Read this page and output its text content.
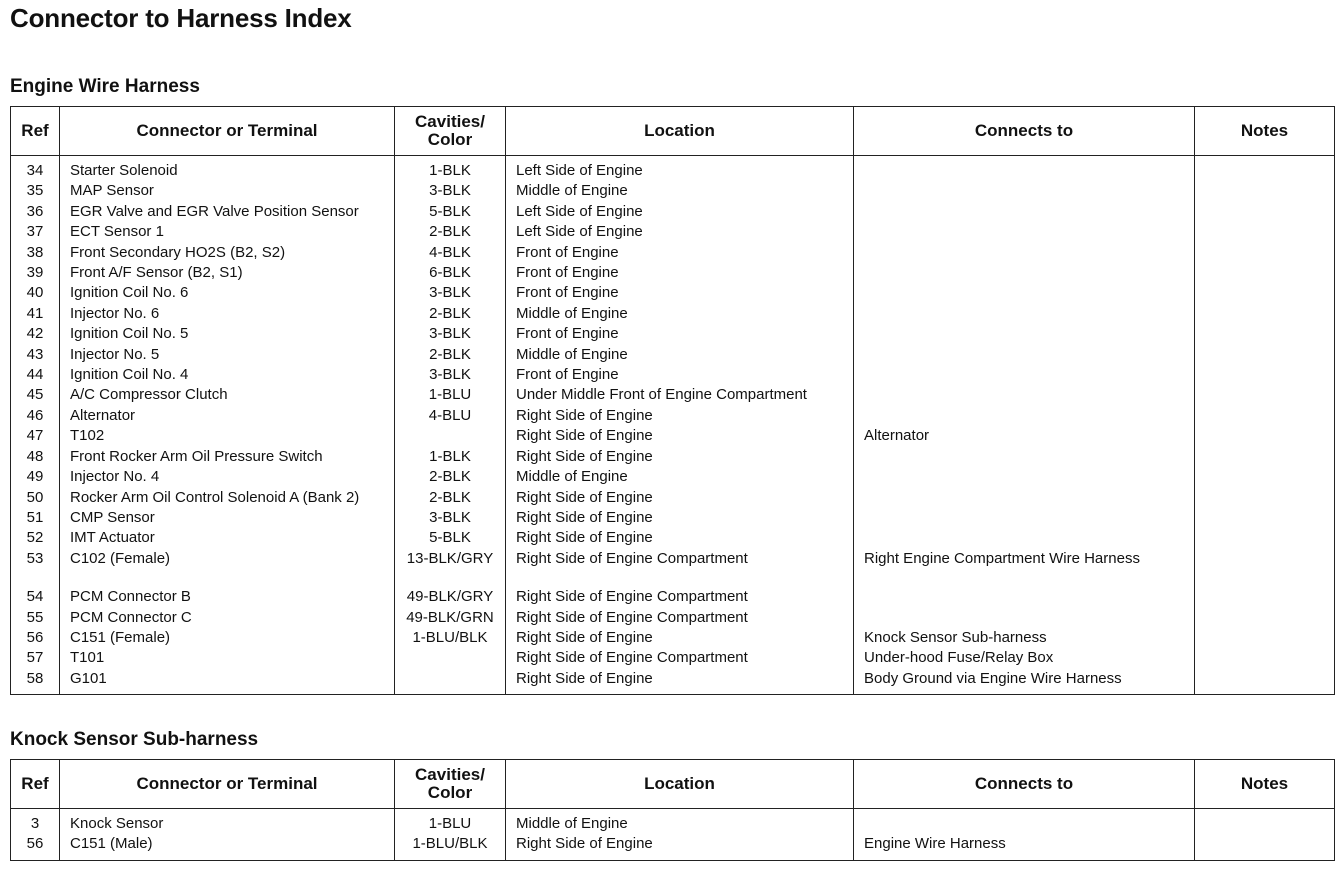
Connector to Harness Index
Engine Wire Harness
Ref	Connector or Terminal	Cavities/
Color	Location	Connects to	Notes
34	Starter Solenoid	1-BLK	Left Side of Engine		
35	MAP Sensor	3-BLK	Middle of Engine		
36	EGR Valve and EGR Valve Position Sensor	5-BLK	Left Side of Engine		
37	ECT Sensor 1	2-BLK	Left Side of Engine		
38	Front Secondary HO2S (B2, S2)	4-BLK	Front of Engine		
39	Front A/F Sensor (B2, S1)	6-BLK	Front of Engine		
40	Ignition Coil No. 6	3-BLK	Front of Engine		
41	Injector No. 6	2-BLK	Middle of Engine		
42	Ignition Coil No. 5	3-BLK	Front of Engine		
43	Injector No. 5	2-BLK	Middle of Engine		
44	Ignition Coil No. 4	3-BLK	Front of Engine		
45	A/C Compressor Clutch	1-BLU	Under Middle Front of Engine Compartment		
46	Alternator	4-BLU	Right Side of Engine		
47	T102		Right Side of Engine	Alternator	
48	Front Rocker Arm Oil Pressure Switch	1-BLK	Right Side of Engine		
49	Injector No. 4	2-BLK	Middle of Engine		
50	Rocker Arm Oil Control Solenoid A (Bank 2)	2-BLK	Right Side of Engine		
51	CMP Sensor	3-BLK	Right Side of Engine		
52	IMT Actuator	5-BLK	Right Side of Engine		
53	C102 (Female)	13-BLK/GRY	Right Side of Engine Compartment	Right Engine Compartment Wire Harness	

54	PCM Connector B	49-BLK/GRY	Right Side of Engine Compartment		
55	PCM Connector C	49-BLK/GRN	Right Side of Engine Compartment		
56	C151 (Female)	1-BLU/BLK	Right Side of Engine	Knock Sensor Sub-harness	
57	T101		Right Side of Engine Compartment	Under-hood Fuse/Relay Box	
58	G101		Right Side of Engine	Body Ground via Engine Wire Harness	
Knock Sensor Sub-harness
Ref	Connector or Terminal	Cavities/
Color	Location	Connects to	Notes
3	Knock Sensor	1-BLU	Middle of Engine		
56	C151 (Male)	1-BLU/BLK	Right Side of Engine	Engine Wire Harness	
